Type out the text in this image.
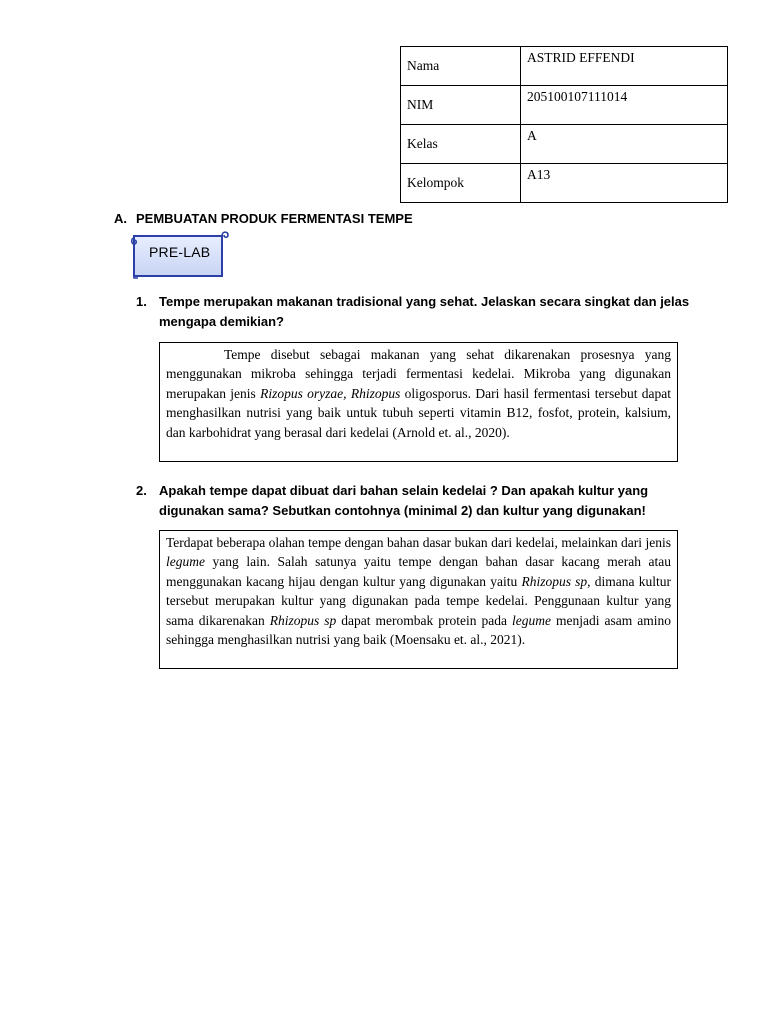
Nama	ASTRID EFFENDI
NIM	205100107111014
Kelas	A
Kelompok	A13
A. PEMBUATAN PRODUK FERMENTASI TEMPE
PRE-LAB
1. Tempe merupakan makanan tradisional yang sehat. Jelaskan secara singkat dan jelas mengapa demikian?

Tempe disebut sebagai makanan yang sehat dikarenakan prosesnya yang menggunakan mikroba sehingga terjadi fermentasi kedelai. Mikroba yang digunakan merupakan jenis Rizopus oryzae, Rhizopus oligosporus. Dari hasil fermentasi tersebut dapat menghasilkan nutrisi yang baik untuk tubuh seperti vitamin B12, fosfot, protein, kalsium, dan karbohidrat yang berasal dari kedelai (Arnold et. al., 2020).

2. Apakah tempe dapat dibuat dari bahan selain kedelai ? Dan apakah kultur yang digunakan sama? Sebutkan contohnya (minimal 2) dan kultur yang digunakan!

Terdapat beberapa olahan tempe dengan bahan dasar bukan dari kedelai, melainkan dari jenis legume yang lain. Salah satunya yaitu tempe dengan bahan dasar kacang merah atau menggunakan kacang hijau dengan kultur yang digunakan yaitu Rhizopus sp, dimana kultur tersebut merupakan kultur yang digunakan pada tempe kedelai. Penggunaan kultur yang sama dikarenakan Rhizopus sp dapat merombak protein pada legume menjadi asam amino sehingga menghasilkan nutrisi yang baik (Moensaku et. al., 2021).
